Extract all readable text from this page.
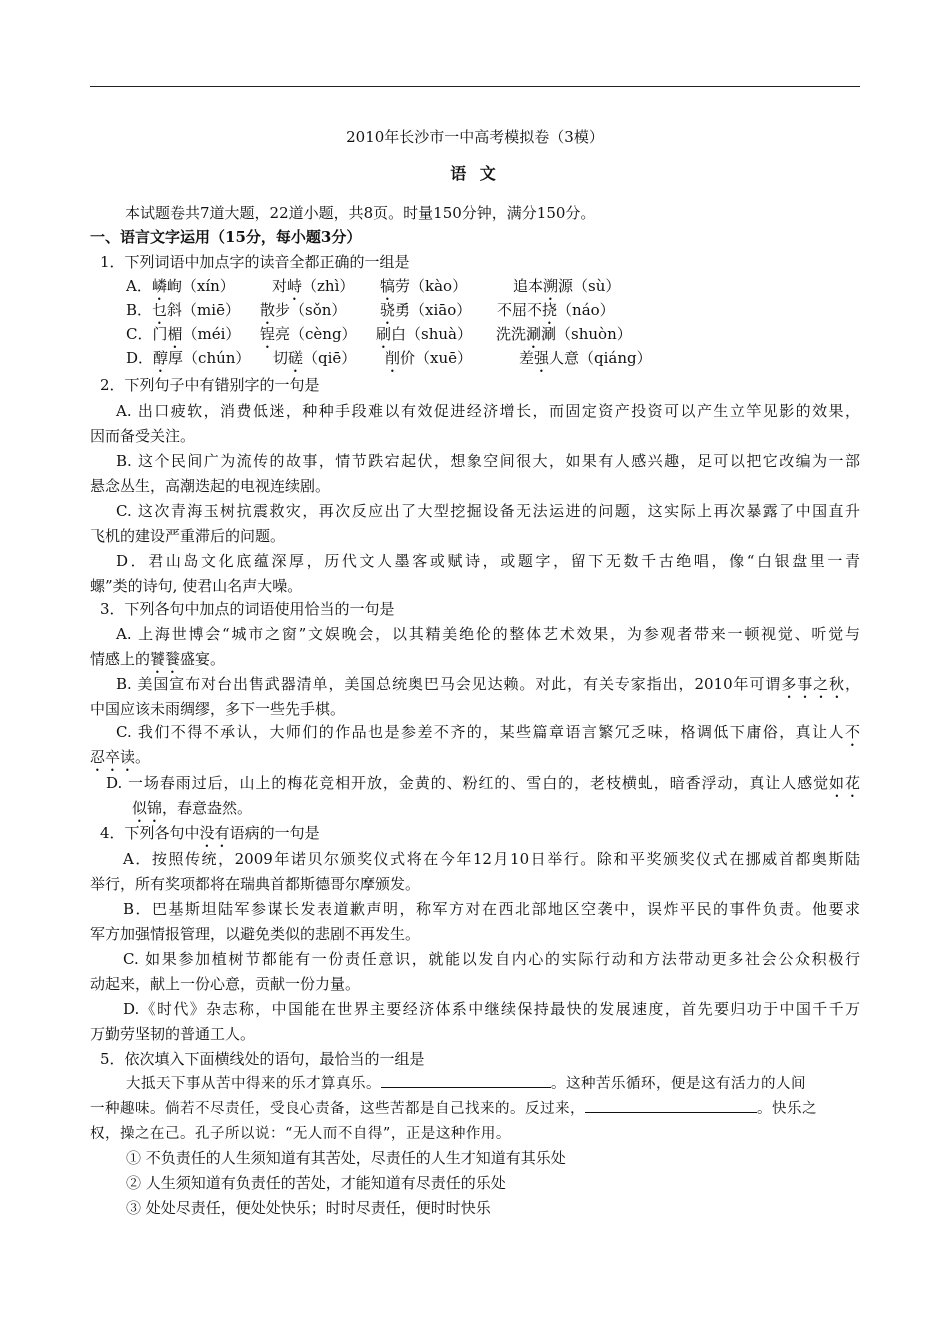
2010年长沙市一中高考模拟卷（3模）
语 文
本试题卷共7道大题，22道小题，共8页。时量150分钟，满分150分。
一、语言文字运用（15分，每小题3分）
1．下列词语中加点字的读音全都正确的一组是
A．嶙峋（xín） 对峙（zhì） 犒劳（kào）	追本溯源（sù）
B．乜斜（miē） 散步（sǒn） 骁勇（xiāo） 不屈不挠（náo）
C．门楣（méi） 锃亮（cèng） 刷白（shuà） 洗洗涮涮（shuòn）
D．醇厚（chún） 切磋（qiē） 削价（xuē）	差强人意（qiáng）
2．下列句子中有错别字的一句是
A. 出口疲软，消费低迷，种种手段难以有效促进经济增长，而固定资产投资可以产生立竿见影的效果，
因而备受关注。
B. 这个民间广为流传的故事，情节跌宕起伏，想象空间很大，如果有人感兴趣，足可以把它改编为一部
悬念丛生，高潮迭起的电视连续剧。
C. 这次青海玉树抗震救灾，再次反应出了大型挖掘设备无法运进的问题，这实际上再次暴露了中国直升
飞机的建设严重滞后的问题。
D．君山岛文化底蕴深厚，历代文人墨客或赋诗，或题字，留下无数千古绝唱，像“白银盘里一青
螺”类的诗句, 使君山名声大噪。
3．下列各句中加点的词语使用恰当的一句是
A. 上海世博会“城市之窗”文娱晚会，以其精美绝伦的整体艺术效果，为参观者带来一顿视觉、听觉与
情感上的饕餮盛宴。
B. 美国宣布对台出售武器清单，美国总统奥巴马会见达赖。对此，有关专家指出，2010年可谓多事之秋，
中国应该未雨绸缪，多下一些先手棋。
C. 我们不得不承认，大师们的作品也是参差不齐的，某些篇章语言繁冗乏味，格调低下庸俗，真让人不
忍卒读。
D. 一场春雨过后，山上的梅花竞相开放，金黄的、粉红的、雪白的，老枝横虬，暗香浮动，真让人感觉如花
似锦，春意盎然。
4．下列各句中没有语病的一句是
A．按照传统，2009年诺贝尔颁奖仪式将在今年12月10日举行。除和平奖颁奖仪式在挪威首都奥斯陆
举行，所有奖项都将在瑞典首都斯德哥尔摩颁发。
B．巴基斯坦陆军参谋长发表道歉声明，称军方对在西北部地区空袭中，误炸平民的事件负责。他要求
军方加强情报管理，以避免类似的悲剧不再发生。
C. 如果参加植树节都能有一份责任意识，就能以发自内心的实际行动和方法带动更多社会公众积极行
动起来，献上一份心意，贡献一份力量。
D.《时代》杂志称，中国能在世界主要经济体系中继续保持最快的发展速度，首先要归功于中国千千万
万勤劳坚韧的普通工人。
5．依次填入下面横线处的语句，最恰当的一组是
大抵天下事从苦中得来的乐才算真乐。	。这种苦乐循环，便是这有活力的人间
一种趣味。倘若不尽责任，受良心责备，这些苦都是自己找来的。反过来，	。快乐之
权，操之在己。孔子所以说：“无人而不自得”，正是这种作用。
① 不负责任的人生须知道有其苦处，尽责任的人生才知道有其乐处
② 人生须知道有负责任的苦处，才能知道有尽责任的乐处
③ 处处尽责任，便处处快乐；时时尽责任，便时时快乐
